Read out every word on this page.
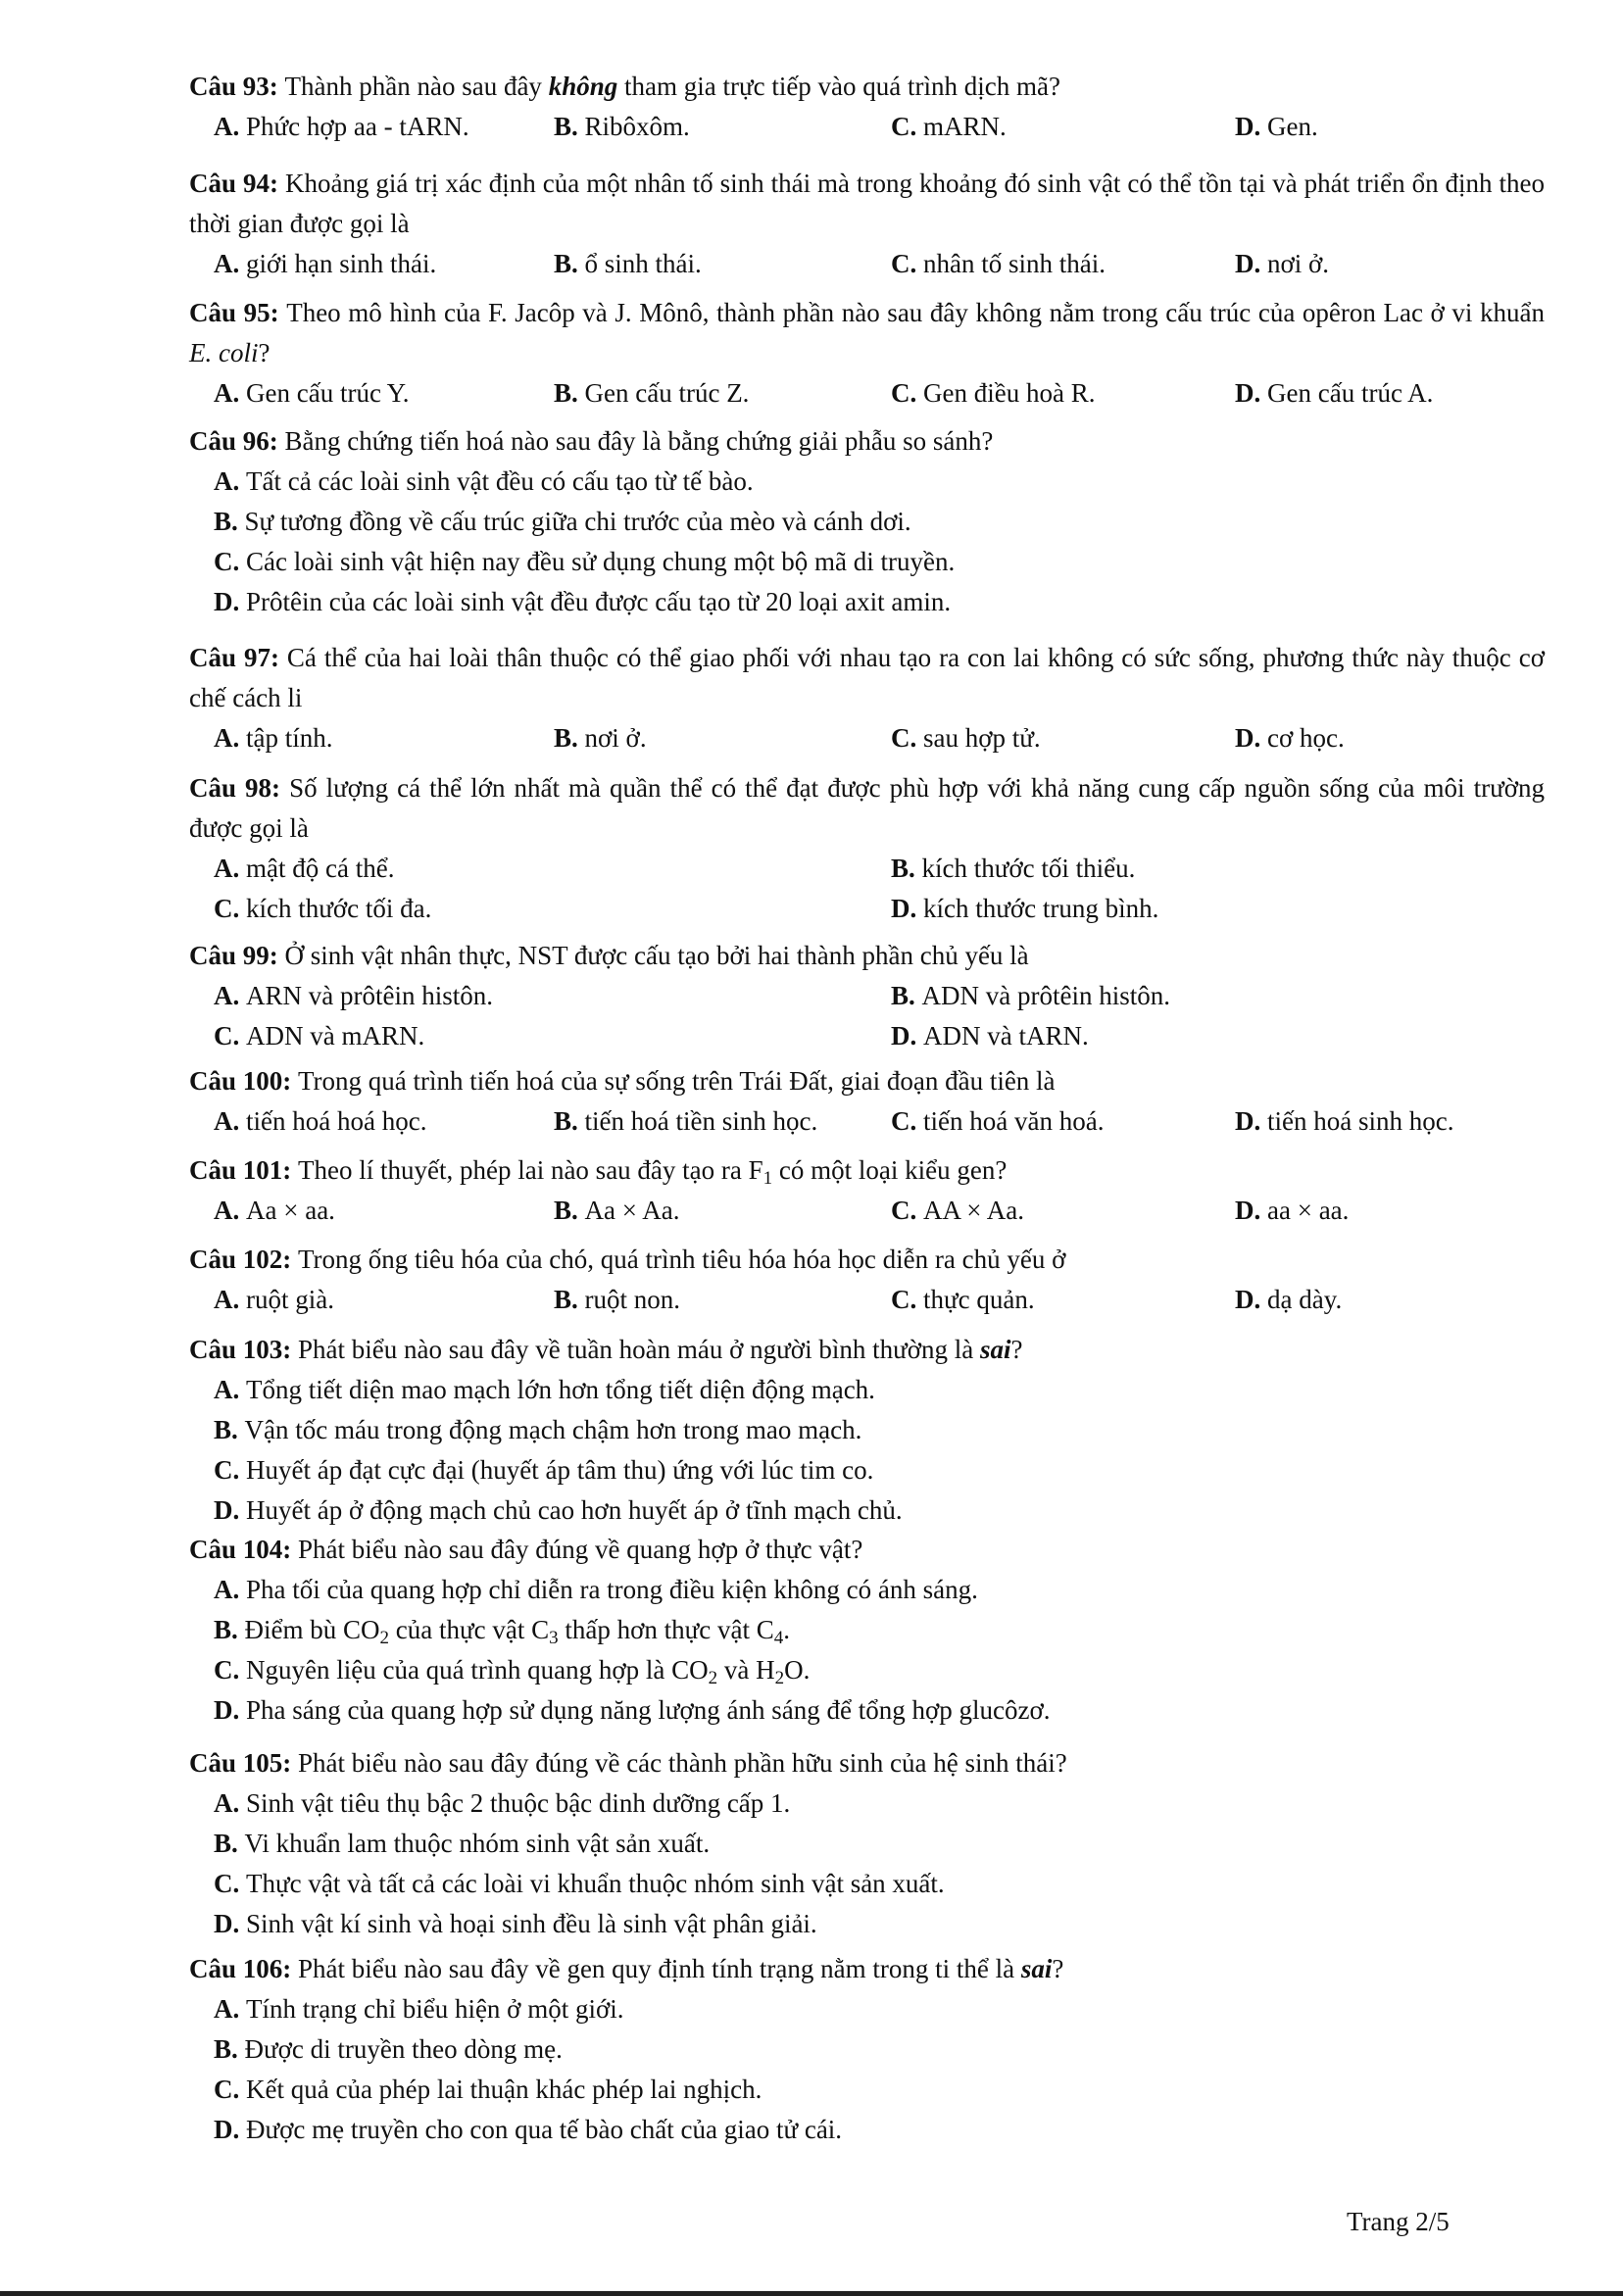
Câu 93: Thành phần nào sau đây không tham gia trực tiếp vào quá trình dịch mã?
A. Phức hợp aa - tARN.	B. Ribôxôm.	C. mARN.	D. Gen.
Câu 94: Khoảng giá trị xác định của một nhân tố sinh thái mà trong khoảng đó sinh vật có thể tồn tại và phát triển ổn định theo thời gian được gọi là
A. giới hạn sinh thái.	B. ổ sinh thái.	C. nhân tố sinh thái.	D. nơi ở.
Câu 95: Theo mô hình của F. Jacôp và J. Mônô, thành phần nào sau đây không nằm trong cấu trúc của opêron Lac ở vi khuẩn E. coli?
A. Gen cấu trúc Y.	B. Gen cấu trúc Z.	C. Gen điều hoà R.	D. Gen cấu trúc A.
Câu 96: Bằng chứng tiến hoá nào sau đây là bằng chứng giải phẫu so sánh?
A. Tất cả các loài sinh vật đều có cấu tạo từ tế bào.
B. Sự tương đồng về cấu trúc giữa chi trước của mèo và cánh dơi.
C. Các loài sinh vật hiện nay đều sử dụng chung một bộ mã di truyền.
D. Prôtêin của các loài sinh vật đều được cấu tạo từ 20 loại axit amin.
Câu 97: Cá thể của hai loài thân thuộc có thể giao phối với nhau tạo ra con lai không có sức sống, phương thức này thuộc cơ chế cách li
A. tập tính.	B. nơi ở.	C. sau hợp tử.	D. cơ học.
Câu 98: Số lượng cá thể lớn nhất mà quần thể có thể đạt được phù hợp với khả năng cung cấp nguồn sống của môi trường được gọi là
A. mật độ cá thể.	B. kích thước tối thiểu.
C. kích thước tối đa.	D. kích thước trung bình.
Câu 99: Ở sinh vật nhân thực, NST được cấu tạo bởi hai thành phần chủ yếu là
A. ARN và prôtêin histôn.	B. ADN và prôtêin histôn.
C. ADN và mARN.	D. ADN và tARN.
Câu 100: Trong quá trình tiến hoá của sự sống trên Trái Đất, giai đoạn đầu tiên là
A. tiến hoá hoá học.	B. tiến hoá tiền sinh học.	C. tiến hoá văn hoá.	D. tiến hoá sinh học.
Câu 101: Theo lí thuyết, phép lai nào sau đây tạo ra $F_1$ có một loại kiểu gen?
A. Aa × aa.	B. Aa × Aa.	C. AA × Aa.	D. aa × aa.
Câu 102: Trong ống tiêu hóa của chó, quá trình tiêu hóa hóa học diễn ra chủ yếu ở
A. ruột già.	B. ruột non.	C. thực quản.	D. dạ dày.
Câu 103: Phát biểu nào sau đây về tuần hoàn máu ở người bình thường là sai?
A. Tổng tiết diện mao mạch lớn hơn tổng tiết diện động mạch.
B. Vận tốc máu trong động mạch chậm hơn trong mao mạch.
C. Huyết áp đạt cực đại (huyết áp tâm thu) ứng với lúc tim co.
D. Huyết áp ở động mạch chủ cao hơn huyết áp ở tĩnh mạch chủ.
Câu 104: Phát biểu nào sau đây đúng về quang hợp ở thực vật?
A. Pha tối của quang hợp chỉ diễn ra trong điều kiện không có ánh sáng.
B. Điểm bù $CO_2$ của thực vật $C_3$ thấp hơn thực vật $C_4$.
C. Nguyên liệu của quá trình quang hợp là $CO_2$ và $H_2O$.
D. Pha sáng của quang hợp sử dụng năng lượng ánh sáng để tổng hợp glucôzơ.
Câu 105: Phát biểu nào sau đây đúng về các thành phần hữu sinh của hệ sinh thái?
A. Sinh vật tiêu thụ bậc 2 thuộc bậc dinh dưỡng cấp 1.
B. Vi khuẩn lam thuộc nhóm sinh vật sản xuất.
C. Thực vật và tất cả các loài vi khuẩn thuộc nhóm sinh vật sản xuất.
D. Sinh vật kí sinh và hoại sinh đều là sinh vật phân giải.
Câu 106: Phát biểu nào sau đây về gen quy định tính trạng nằm trong ti thể là sai?
A. Tính trạng chỉ biểu hiện ở một giới.
B. Được di truyền theo dòng mẹ.
C. Kết quả của phép lai thuận khác phép lai nghịch.
D. Được mẹ truyền cho con qua tế bào chất của giao tử cái.
Trang 2/5
